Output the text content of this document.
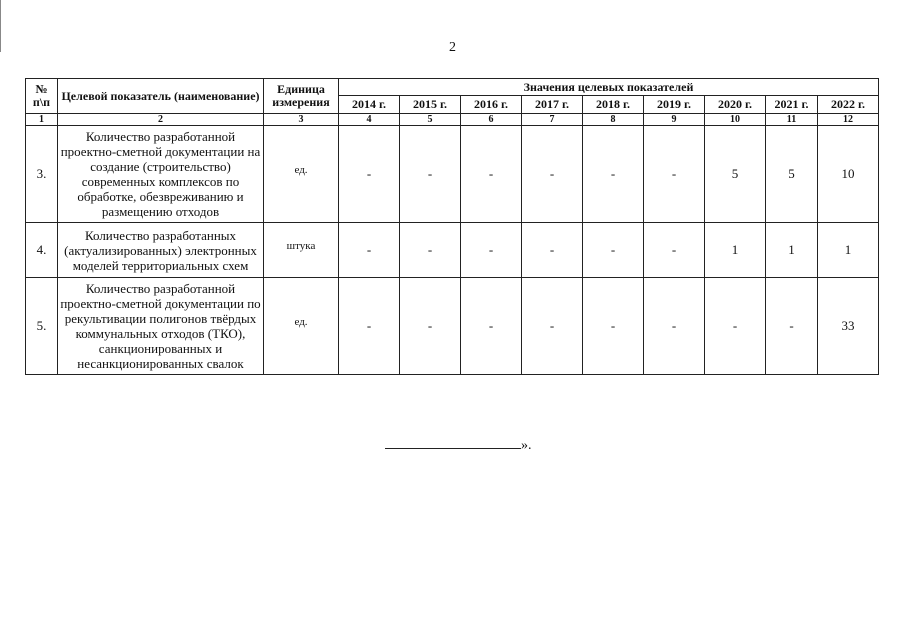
2
№ п\п	Целевой показатель (наименование)	Единица измерения	Значения целевых показателей								
			2014 г.	2015 г.	2016 г.	2017 г.	2018 г.	2019 г.	2020 г.	2021 г.	2022 г.
1	2	3	4	5	6	7	8	9	10	11	12
3.	Количество разработанной проектно-сметной документации на создание (строительство) современных комплексов по обработке, обезвреживанию и размещению отходов	ед.	-	-	-	-	-	-	5	5	10
4.	Количество разработанных (актуализированных) электронных моделей территориальных схем	штука	-	-	-	-	-	-	1	1	1
5.	Количество разработанной проектно-сметной документации по рекультивации полигонов твёрдых коммунальных отходов (ТКО), санкционированных и несанкционированных свалок	ед.	-	-	-	-	-	-	-	-	33
».
